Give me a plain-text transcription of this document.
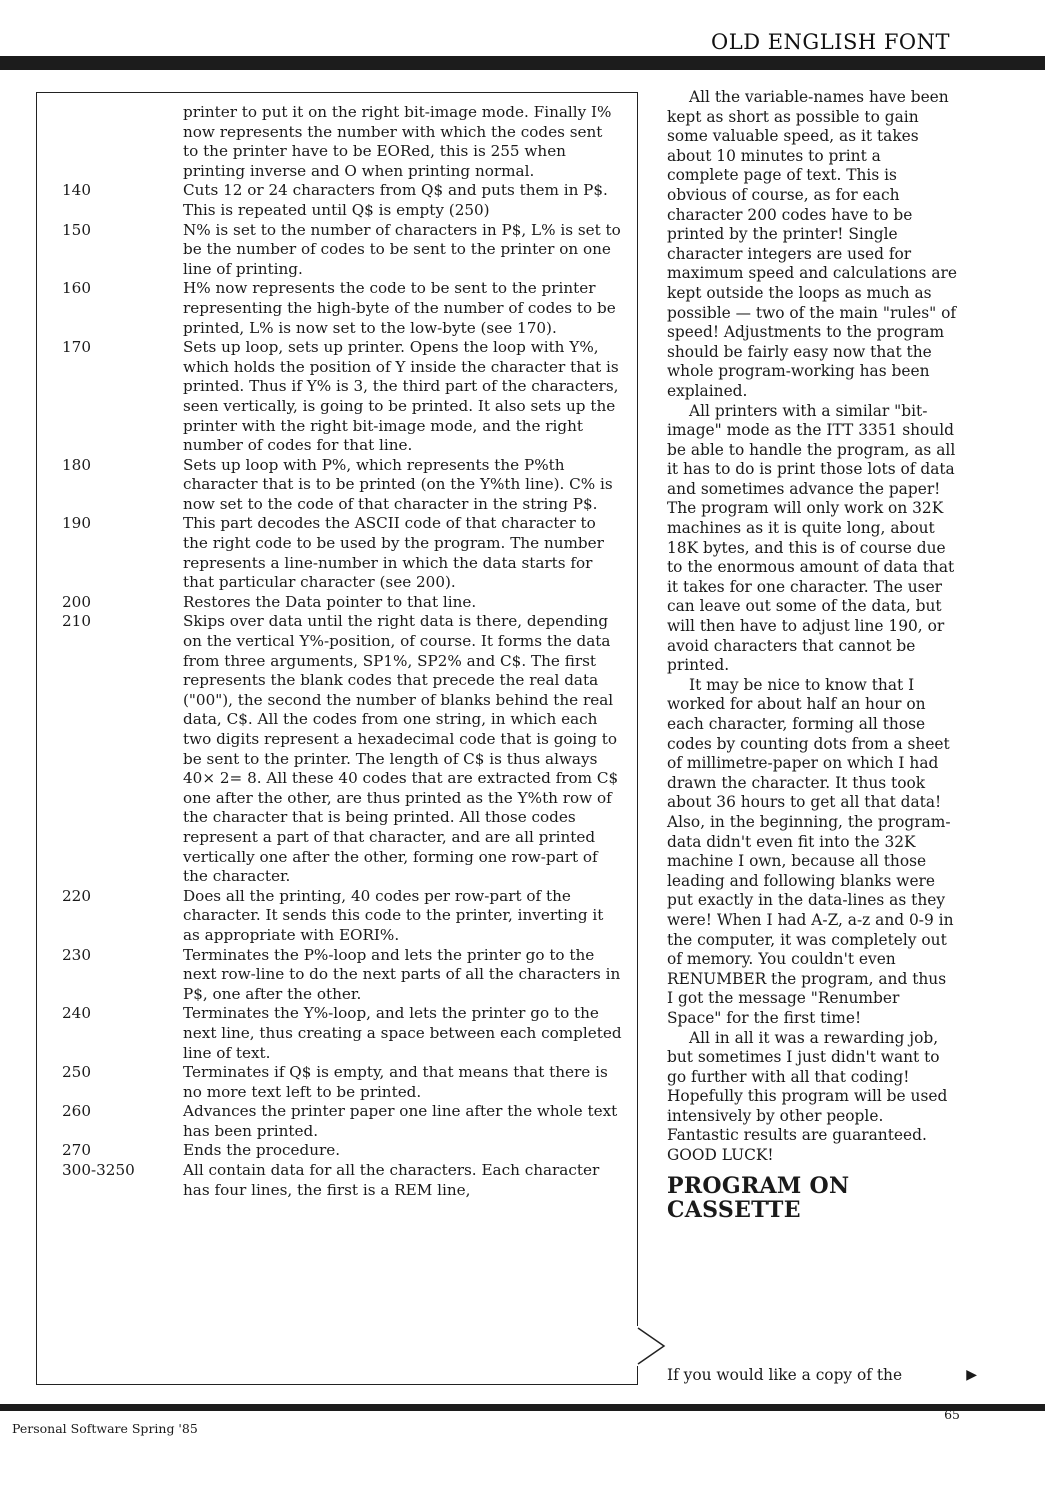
OLD ENGLISH FONT
printer to put it on the right bit-image mode. Finally I% now represents the number with which the codes sent to the printer have to be EORed, this is 255 when printing inverse and O when printing normal.
140	Cuts 12 or 24 characters from Q$ and puts them in P$. This is repeated until Q$ is empty (250)
150	N% is set to the number of characters in P$, L% is set to be the number of codes to be sent to the printer on one line of printing.
160	H% now represents the code to be sent to the printer representing the high-byte of the number of codes to be printed, L% is now set to the low-byte (see 170).
170	Sets up loop, sets up printer. Opens the loop with Y%, which holds the position of Y inside the character that is printed. Thus if Y% is 3, the third part of the characters, seen vertically, is going to be printed. It also sets up the printer with the right bit-image mode, and the right number of codes for that line.
180	Sets up loop with P%, which represents the P%th character that is to be printed (on the Y%th line). C% is now set to the code of that character in the string P$.
190	This part decodes the ASCII code of that character to the right code to be used by the program. The number represents a line-number in which the data starts for that particular character (see 200).
200	Restores the Data pointer to that line.
210	Skips over data until the right data is there, depending on the vertical Y%-position, of course. It forms the data from three arguments, SP1%, SP2% and C$. The first represents the blank codes that precede the real data ("00"), the second the number of blanks behind the real data, C$. All the codes from one string, in which each two digits represent a hexadecimal code that is going to be sent to the printer. The length of C$ is thus always 40× 2= 8. All these 40 codes that are extracted from C$ one after the other, are thus printed as the Y%th row of the character that is being printed. All those codes represent a part of that character, and are all printed vertically one after the other, forming one row-part of the character.
220	Does all the printing, 40 codes per row-part of the character. It sends this code to the printer, inverting it as appropriate with EORI%.
230	Terminates the P%-loop and lets the printer go to the next row-line to do the next parts of all the characters in P$, one after the other.
240	Terminates the Y%-loop, and lets the printer go to the next line, thus creating a space between each completed line of text.
250	Terminates if Q$ is empty, and that means that there is no more text left to be printed.
260	Advances the printer paper one line after the whole text has been printed.
270	Ends the procedure.
300-3250	All contain data for all the characters. Each character has four lines, the first is a REM line,

All the variable-names have been kept as short as possible to gain some valuable speed, as it takes about 10 minutes to print a complete page of text. This is obvious of course, as for each character 200 codes have to be printed by the printer! Single character integers are used for maximum speed and calculations are kept outside the loops as much as possible — two of the main "rules" of speed! Adjustments to the program should be fairly easy now that the whole program-working has been explained.

All printers with a similar "bit-image" mode as the ITT 3351 should be able to handle the program, as all it has to do is print those lots of data and sometimes advance the paper! The program will only work on 32K machines as it is quite long, about 18K bytes, and this is of course due to the enormous amount of data that it takes for one character. The user can leave out some of the data, but will then have to adjust line 190, or avoid characters that cannot be printed.

It may be nice to know that I worked for about half an hour on each character, forming all those codes by counting dots from a sheet of millimetre-paper on which I had drawn the character. It thus took about 36 hours to get all that data! Also, in the beginning, the program-data didn't even fit into the 32K machine I own, because all those leading and following blanks were put exactly in the data-lines as they were! When I had A-Z, a-z and 0-9 in the computer, it was completely out of memory. You couldn't even RENUMBER the program, and thus I got the message "Renumber Space" for the first time!

All in all it was a rewarding job, but sometimes I just didn't want to go further with all that coding! Hopefully this program will be used intensively by other people. Fantastic results are guaranteed. GOOD LUCK!

PROGRAM ON CASSETTE
If you would like a copy of the	▶
Personal Software Spring '85
65
